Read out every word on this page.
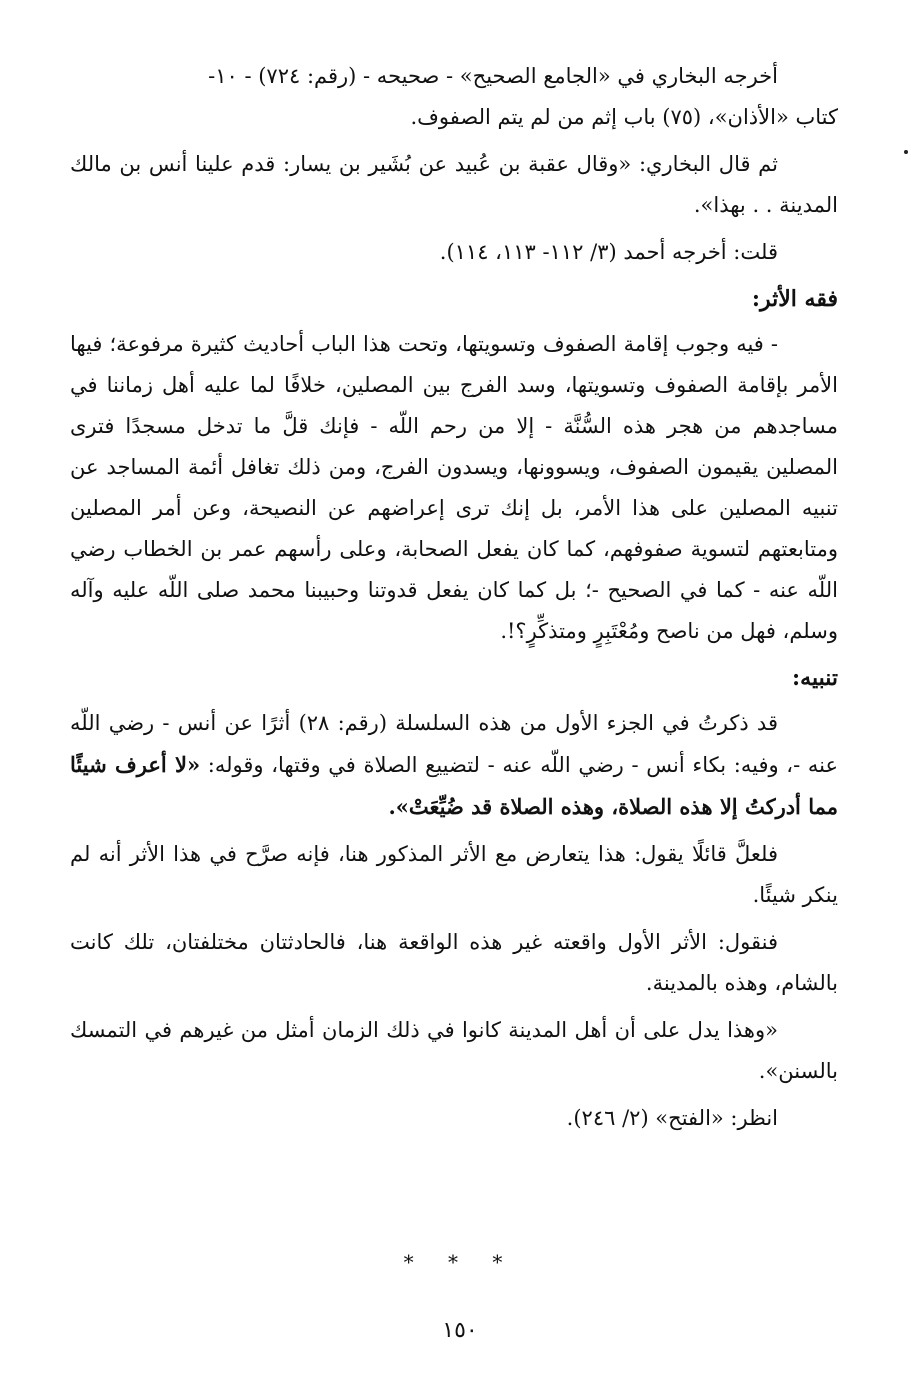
أخرجه البخاري في «الجامع الصحيح» - صحيحه - (رقم: ٧٢٤) - ١٠-
كتاب «الأذان»، (٧٥) باب إثم من لم يتم الصفوف.

ثم قال البخاري: «وقال عقبة بن عُبيد عن بُشَير بن يسار: قدم علينا أنس بن مالك المدينة . . بهذا».

قلت: أخرجه أحمد (٣/ ١١٢- ١١٣، ١١٤).

فقه الأثر:

- فيه وجوب إقامة الصفوف وتسويتها، وتحت هذا الباب أحاديث كثيرة مرفوعة؛ فيها الأمر بإقامة الصفوف وتسويتها، وسد الفرج بين المصلين، خلافًا لما عليه أهل زماننا في مساجدهم من هجر هذه السُّنَّة - إلا من رحم اللّه - فإنك قلَّ ما تدخل مسجدًا فترى المصلين يقيمون الصفوف، ويسوونها، ويسدون الفرج، ومن ذلك تغافل أئمة المساجد عن تنبيه المصلين على هذا الأمر، بل إنك ترى إعراضهم عن النصيحة، وعن أمر المصلين ومتابعتهم لتسوية صفوفهم، كما كان يفعل الصحابة، وعلى رأسهم عمر بن الخطاب رضي اللّه عنه - كما في الصحيح -؛ بل كما كان يفعل قدوتنا وحبيبنا محمد صلى اللّه عليه وآله وسلم، فهل من ناصح ومُعْتَبِرٍ ومتذكِّرٍ؟!.

تنبيه:

قد ذكرتُ في الجزء الأول من هذه السلسلة (رقم: ٢٨) أثرًا عن أنس - رضي اللّه عنه -، وفيه: بكاء أنس - رضي اللّه عنه - لتضييع الصلاة في وقتها، وقوله: «لا أعرف شيئًا مما أدركتُ إلا هذه الصلاة، وهذه الصلاة قد ضُيِّعَتْ».

فلعلَّ قائلًا يقول: هذا يتعارض مع الأثر المذكور هنا، فإنه صرَّح في هذا الأثر أنه لم ينكر شيئًا.

فنقول: الأثر الأول واقعته غير هذه الواقعة هنا، فالحادثتان مختلفتان، تلك كانت بالشام، وهذه بالمدينة.

«وهذا يدل على أن أهل المدينة كانوا في ذلك الزمان أمثل من غيرهم في التمسك بالسنن».

انظر: «الفتح» (٢/ ٢٤٦).

* * *
١٥٠
